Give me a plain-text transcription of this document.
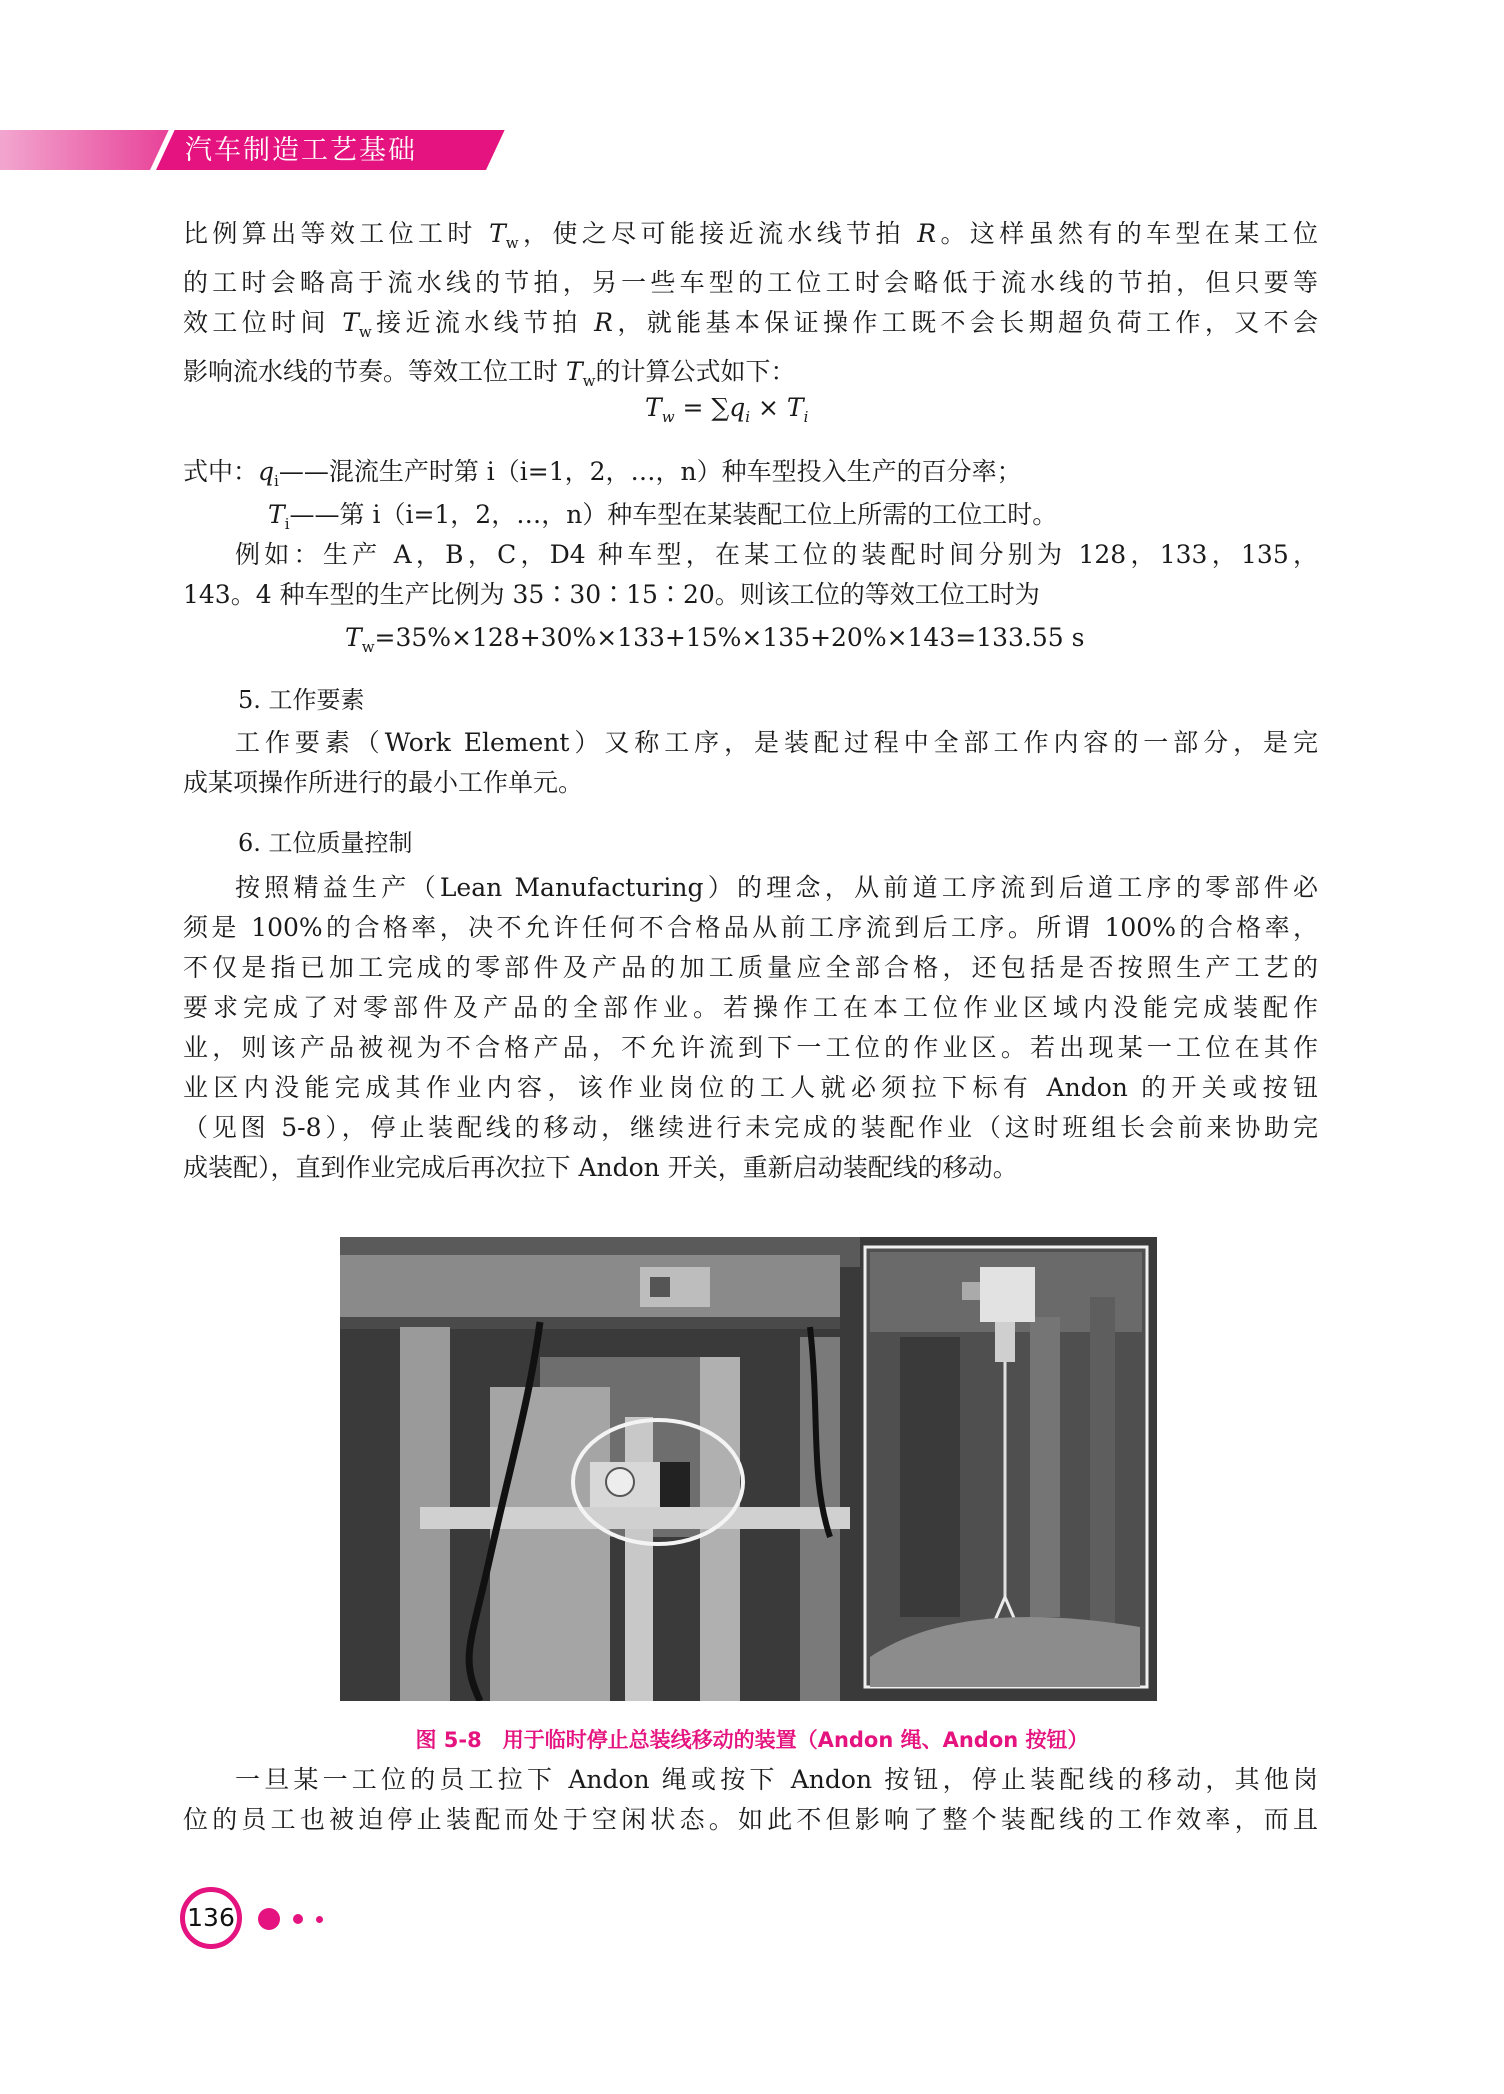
汽车制造工艺基础
比例算出等效工位工时 $T_w$，使之尽可能接近流水线节拍 R。这样虽然有的车型在某工位
的工时会略高于流水线的节拍，另一些车型的工位工时会略低于流水线的节拍，但只要等
效工位时间 $T_w$接近流水线节拍 R，就能基本保证操作工既不会长期超负荷工作，又不会
影响流水线的节奏。等效工位工时 $T_w$的计算公式如下：
$T_w = \sum q_i \times T_i$
式中：$q_i——$混流生产时第 i（i=1，2，…，n）种车型投入生产的百分率；
$T_i——$第 i（i=1，2，…，n）种车型在某装配工位上所需的工位工时。
例如：生产 A，B，C，D4 种车型，在某工位的装配时间分别为 128，133，135，
143。4 种车型的生产比例为 35∶30∶15∶20。则该工位的等效工位工时为
$T_w=35\%\times 128+30\%\times 133+15\%\times 135+20\%\times 143=133.55$ s
5. 工作要素
工作要素（Work Element）又称工序，是装配过程中全部工作内容的一部分，是完
成某项操作所进行的最小工作单元。
6. 工位质量控制
按照精益生产（Lean Manufacturing）的理念，从前道工序流到后道工序的零部件必
须是 100%的合格率，决不允许任何不合格品从前工序流到后工序。所谓 100%的合格率，
不仅是指已加工完成的零部件及产品的加工质量应全部合格，还包括是否按照生产工艺的
要求完成了对零部件及产品的全部作业。若操作工在本工位作业区域内没能完成装配作
业，则该产品被视为不合格产品，不允许流到下一工位的作业区。若出现某一工位在其作
业区内没能完成其作业内容，该作业岗位的工人就必须拉下标有 Andon 的开关或按钮
（见图 5-8），停止装配线的移动，继续进行未完成的装配作业（这时班组长会前来协助完
成装配），直到作业完成后再次拉下 Andon 开关，重新启动装配线的移动。
图 5-8　用于临时停止总装线移动的装置（Andon 绳、Andon 按钮）
一旦某一工位的员工拉下 Andon 绳或按下 Andon 按钮，停止装配线的移动，其他岗
位的员工也被迫停止装配而处于空闲状态。如此不但影响了整个装配线的工作效率，而且
136
